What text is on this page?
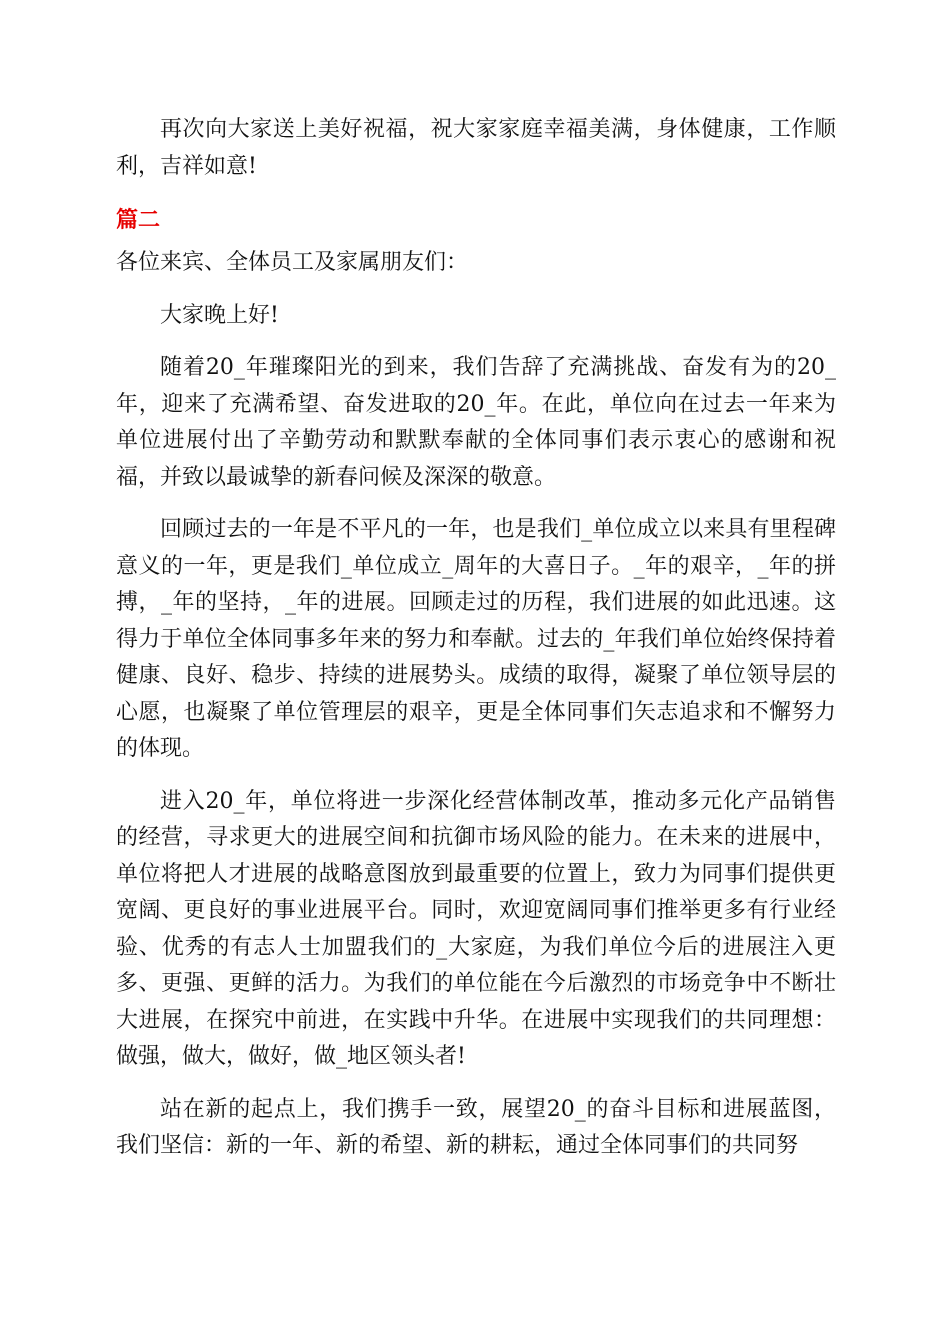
再次向大家送上美好祝福，祝大家家庭幸福美满，身体健康，工作顺利，吉祥如意!

篇二

各位来宾、全体员工及家属朋友们：

大家晚上好!

随着20_年璀璨阳光的到来，我们告辞了充满挑战、奋发有为的20_年，迎来了充满希望、奋发进取的20_年。在此，单位向在过去一年来为单位进展付出了辛勤劳动和默默奉献的全体同事们表示衷心的感谢和祝福，并致以最诚挚的新春问候及深深的敬意。

回顾过去的一年是不平凡的一年，也是我们_单位成立以来具有里程碑意义的一年，更是我们_单位成立_周年的大喜日子。_年的艰辛，_年的拼搏，_年的坚持，_年的进展。回顾走过的历程，我们进展的如此迅速。这得力于单位全体同事多年来的努力和奉献。过去的_年我们单位始终保持着健康、良好、稳步、持续的进展势头。成绩的取得，凝聚了单位领导层的心愿，也凝聚了单位管理层的艰辛，更是全体同事们矢志追求和不懈努力的体现。

进入20_年，单位将进一步深化经营体制改革，推动多元化产品销售的经营，寻求更大的进展空间和抗御市场风险的能力。在未来的进展中，单位将把人才进展的战略意图放到最重要的位置上，致力为同事们提供更宽阔、更良好的事业进展平台。同时，欢迎宽阔同事们推举更多有行业经验、优秀的有志人士加盟我们的_大家庭，为我们单位今后的进展注入更多、更强、更鲜的活力。为我们的单位能在今后激烈的市场竞争中不断壮大进展，在探究中前进，在实践中升华。在进展中实现我们的共同理想：做强，做大，做好，做_地区领头者!

站在新的起点上，我们携手一致，展望20_的奋斗目标和进展蓝图，我们坚信：新的一年、新的希望、新的耕耘，通过全体同事们的共同努
